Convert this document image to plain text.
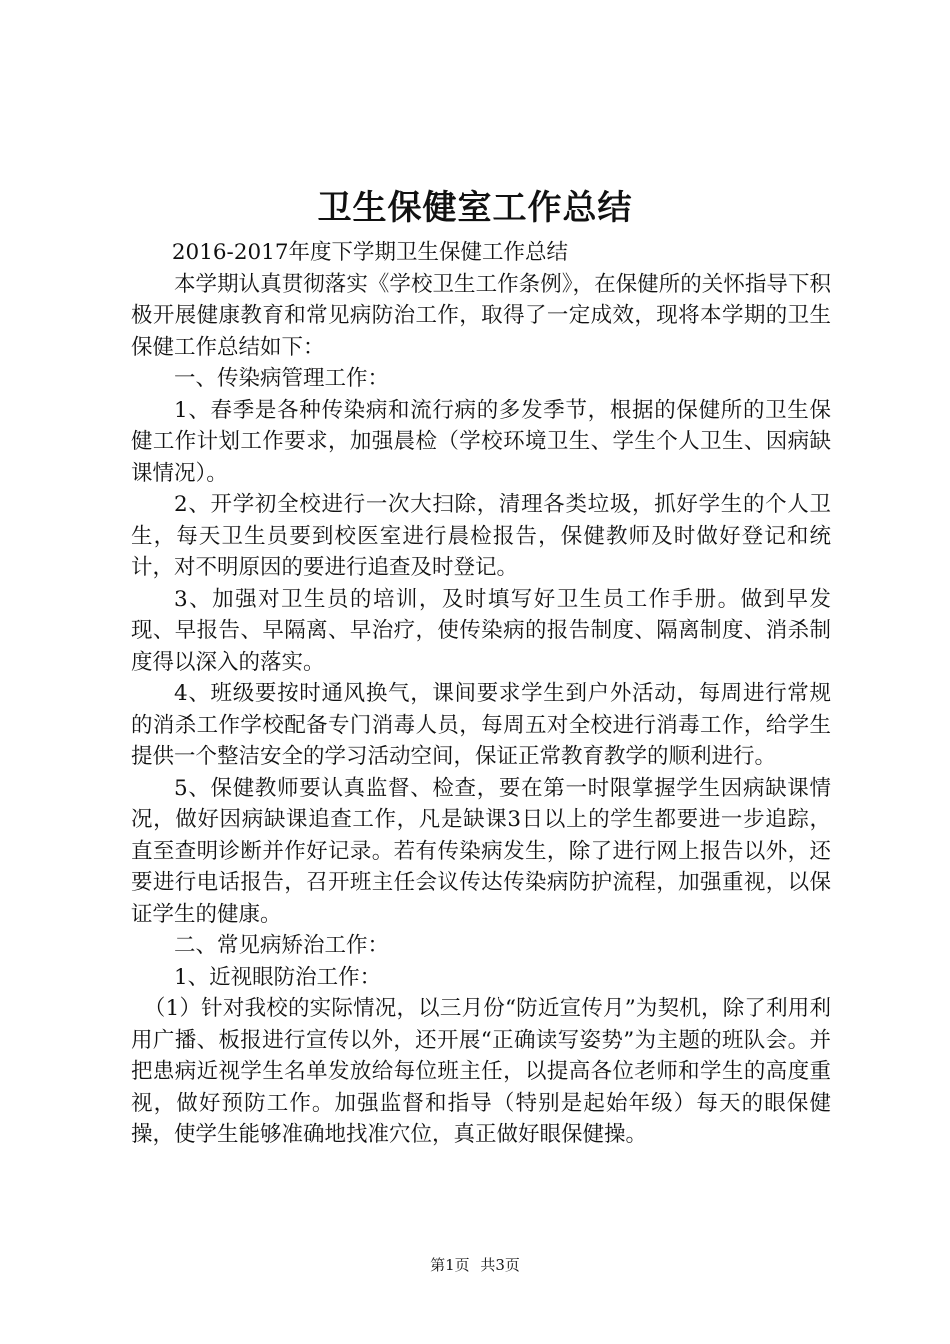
卫生保健室工作总结

2016-2017年度下学期卫生保健工作总结

本学期认真贯彻落实《学校卫生工作条例》，在保健所的关怀指导下积极开展健康教育和常见病防治工作，取得了一定成效，现将本学期的卫生保健工作总结如下：

一、传染病管理工作：

1、春季是各种传染病和流行病的多发季节，根据的保健所的卫生保健工作计划工作要求，加强晨检（学校环境卫生、学生个人卫生、因病缺课情况）。

2、开学初全校进行一次大扫除，清理各类垃圾，抓好学生的个人卫生，每天卫生员要到校医室进行晨检报告，保健教师及时做好登记和统计，对不明原因的要进行追查及时登记。

3、加强对卫生员的培训，及时填写好卫生员工作手册。做到早发现、早报告、早隔离、早治疗，使传染病的报告制度、隔离制度、消杀制度得以深入的落实。

4、班级要按时通风换气，课间要求学生到户外活动，每周进行常规的消杀工作学校配备专门消毒人员，每周五对全校进行消毒工作，给学生提供一个整洁安全的学习活动空间，保证正常教育教学的顺利进行。

5、保健教师要认真监督、检查，要在第一时限掌握学生因病缺课情况，做好因病缺课追查工作，凡是缺课3日以上的学生都要进一步追踪，直至查明诊断并作好记录。若有传染病发生，除了进行网上报告以外，还要进行电话报告，召开班主任会议传达传染病防护流程，加强重视，以保证学生的健康。

二、常见病矫治工作：

1、近视眼防治工作：

（1）针对我校的实际情况，以三月份“防近宣传月”为契机，除了利用利用广播、板报进行宣传以外，还开展“正确读写姿势”为主题的班队会。并把患病近视学生名单发放给每位班主任，以提高各位老师和学生的高度重视，做好预防工作。加强监督和指导（特别是起始年级）每天的眼保健操，使学生能够准确地找准穴位，真正做好眼保健操。

第1页 共3页
